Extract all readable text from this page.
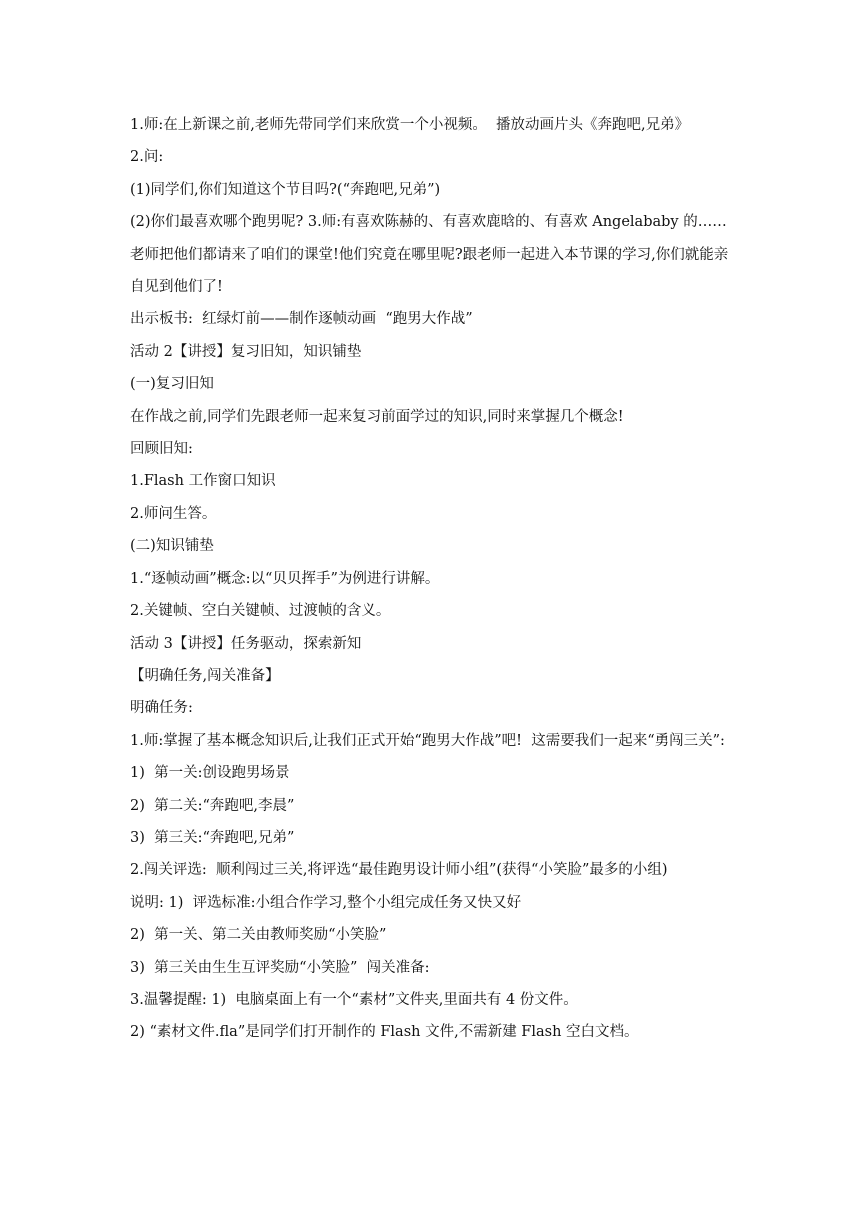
1.师:在上新课之前,老师先带同学们来欣赏一个小视频。  播放动画片头《奔跑吧,兄弟》

2.问:

(1)同学们,你们知道这个节目吗?(“奔跑吧,兄弟”)

(2)你们最喜欢哪个跑男呢? 3.师:有喜欢陈赫的、有喜欢鹿晗的、有喜欢 Angelababy 的……  老师把他们都请来了咱们的课堂!他们究竟在哪里呢?跟老师一起进入本节课的学习,你们就能亲自见到他们了!

出示板书:  红绿灯前——制作逐帧动画  “跑男大作战”

活动 2【讲授】复习旧知，知识铺垫

(一)复习旧知

在作战之前,同学们先跟老师一起来复习前面学过的知识,同时来掌握几个概念!

回顾旧知:

1.Flash 工作窗口知识

2.师问生答。

(二)知识铺垫

1.“逐帧动画”概念:以“贝贝挥手”为例进行讲解。

2.关键帧、空白关键帧、过渡帧的含义。

活动 3【讲授】任务驱动，探索新知

【明确任务,闯关准备】

明确任务:

1.师:掌握了基本概念知识后,让我们正式开始“跑男大作战”吧!  这需要我们一起来“勇闯三关”:

1)  第一关:创设跑男场景

2)  第二关:“奔跑吧,李晨”

3)  第三关:“奔跑吧,兄弟”

2.闯关评选:  顺利闯过三关,将评选“最佳跑男设计师小组”(获得“小笑脸”最多的小组)

说明: 1)  评选标准:小组合作学习,整个小组完成任务又快又好

2)  第一关、第二关由教师奖励“小笑脸”

3)  第三关由生生互评奖励“小笑脸”  闯关准备:

3.温馨提醒: 1)  电脑桌面上有一个“素材”文件夹,里面共有 4 份文件。

2) “素材文件.fla”是同学们打开制作的 Flash 文件,不需新建 Flash 空白文档。
